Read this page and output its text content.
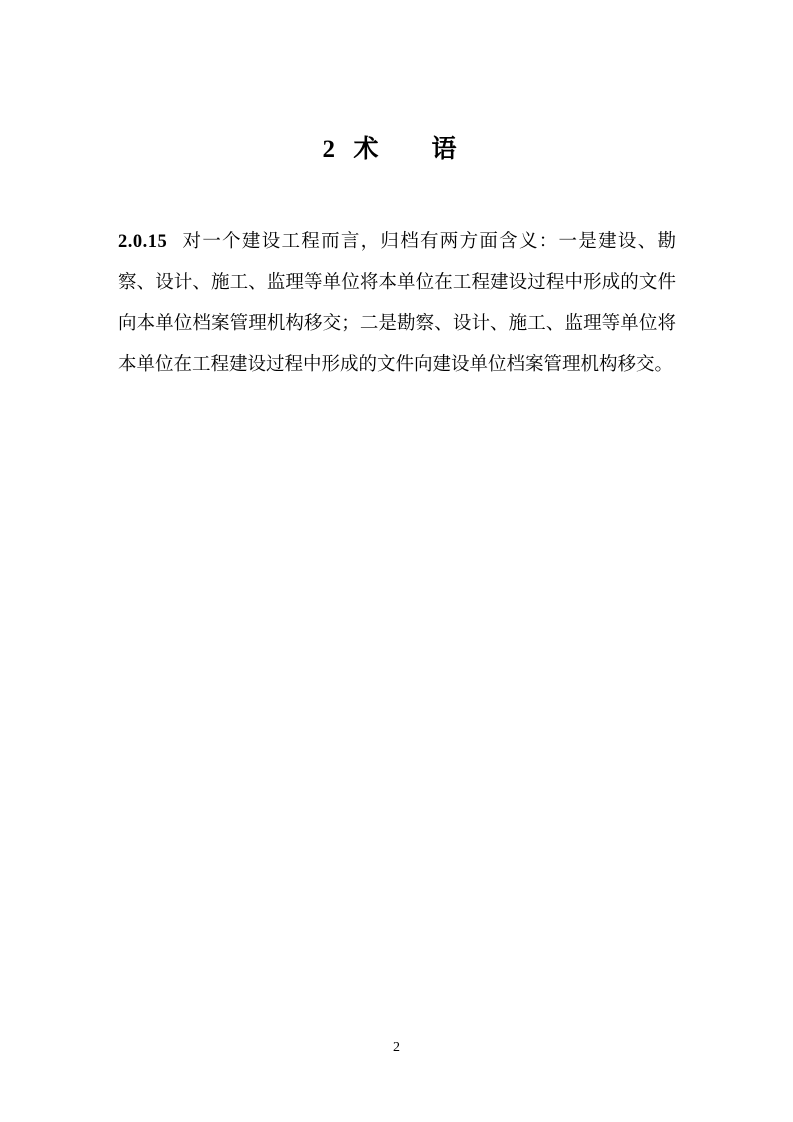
2 术　语

2.0.15 对一个建设工程而言，归档有两方面含义：一是建设、勘察、设计、施工、监理等单位将本单位在工程建设过程中形成的文件向本单位档案管理机构移交；二是勘察、设计、施工、监理等单位将本单位在工程建设过程中形成的文件向建设单位档案管理机构移交。

2
